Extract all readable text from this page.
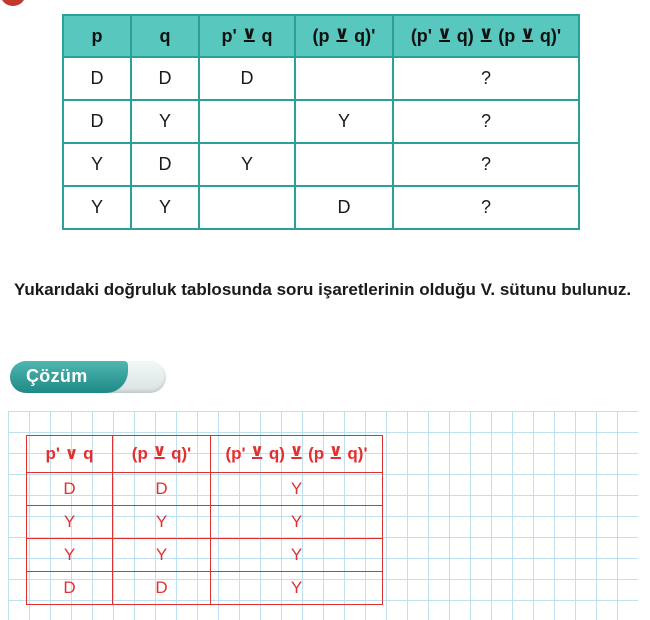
p	q	p' ⊻ q	(p ⊻ q)'	(p' ⊻ q) ⊻ (p ⊻ q)'
D	D	D		?
D	Y		Y	?
Y	D	Y		?
Y	Y		D	?

Yukarıdaki doğruluk tablosunda soru işaretlerinin olduğu V. sütunu bulunuz.

Çözüm
p' ∨ q	(p ⊻ q)'	(p' ⊻ q) ⊻ (p ⊻ q)'
D	D	Y
Y	Y	Y
Y	Y	Y
D	D	Y
